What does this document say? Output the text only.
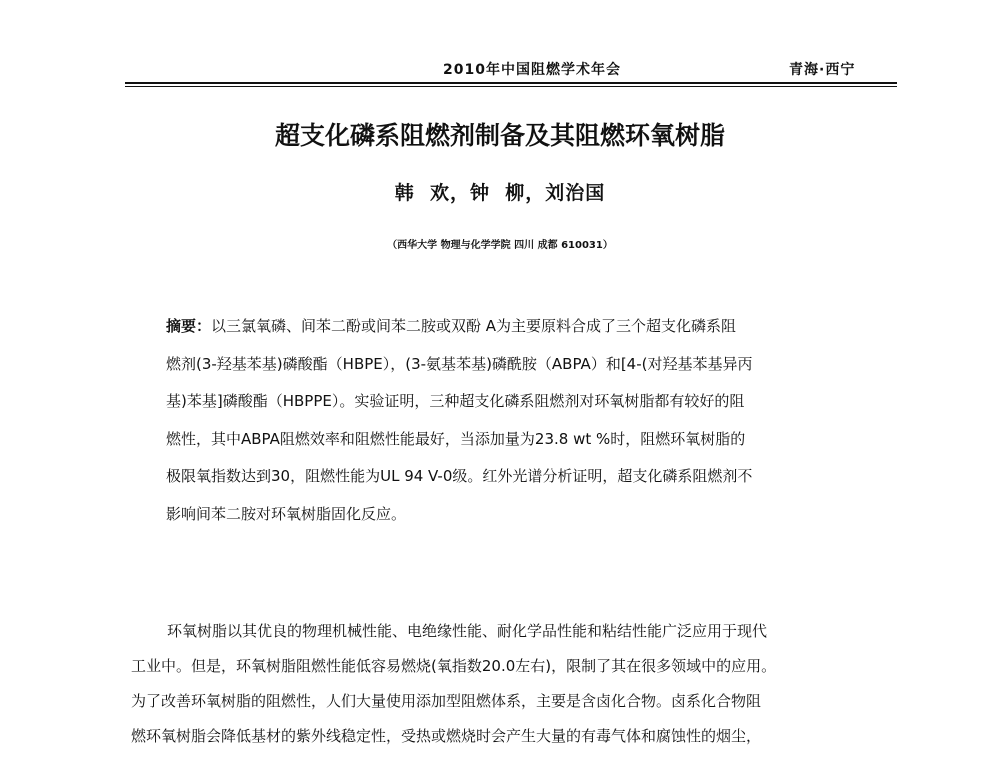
2010年中国阻燃学术年会	青海·西宁
超支化磷系阻燃剂制备及其阻燃环氧树脂
韩  欢，钟  柳，刘治国
（西华大学 物理与化学学院 四川 成都 610031）
摘要：以三氯氧磷、间苯二酚或间苯二胺或双酚 A为主要原料合成了三个超支化磷系阻
燃剂(3-羟基苯基)磷酸酯（HBPE），(3-氨基苯基)磷酰胺（ABPA）和[4-(对羟基苯基异丙
基)苯基]磷酸酯（HBPPE）。实验证明，三种超支化磷系阻燃剂对环氧树脂都有较好的阻
燃性，其中ABPA阻燃效率和阻燃性能最好，当添加量为23.8 wt %时，阻燃环氧树脂的
极限氧指数达到30，阻燃性能为UL 94 V-0级。红外光谱分析证明，超支化磷系阻燃剂不
影响间苯二胺对环氧树脂固化反应。
环氧树脂以其优良的物理机械性能、电绝缘性能、耐化学品性能和粘结性能广泛应用于现代
工业中。但是，环氧树脂阻燃性能低容易燃烧(氧指数20.0左右)，限制了其在很多领域中的应用。
为了改善环氧树脂的阻燃性，人们大量使用添加型阻燃体系，主要是含卤化合物。卤系化合物阻
燃环氧树脂会降低基材的紫外线稳定性，受热或燃烧时会产生大量的有毒气体和腐蚀性的烟尘，
